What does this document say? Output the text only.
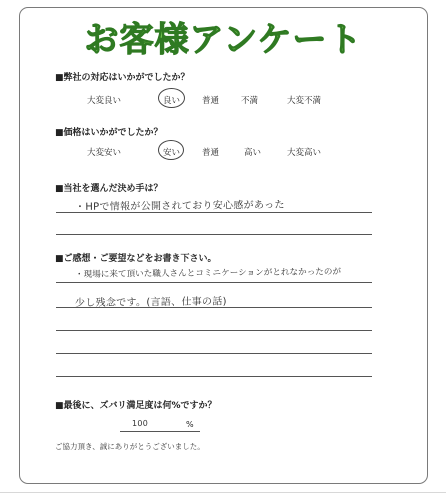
お客様アンケート
■弊社の対応はいかがでしたか？
大変良い	良い	普通	不満	大変不満
■価格はいかがでしたか？
大変安い	安い	普通	高い	大変高い
■当社を選んだ決め手は？
・HPで情報が公開されており安心感があった
■ご感想・ご要望などをお書き下さい。
・現場に来て頂いた職人さんとコミニケーションがとれなかったのが
少し残念です。(言語、仕事の話)
■最後に、ズバリ満足度は何%ですか？
100	%
ご協力頂き、誠にありがとうございました。
